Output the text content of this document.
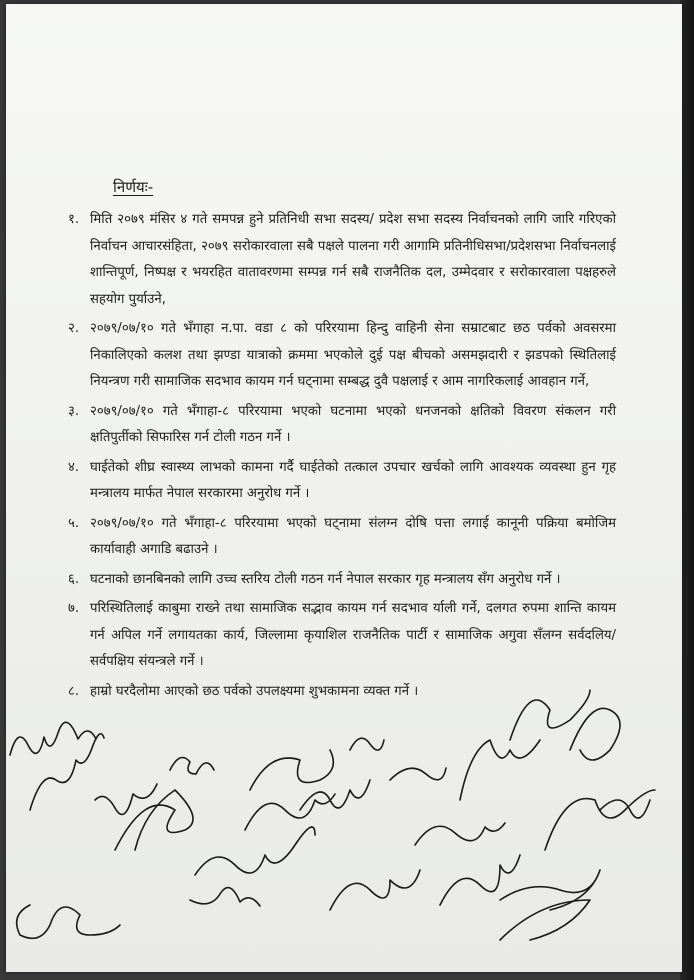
निर्णयः-
१. मिति २०७९ मंसिर ४ गते समपन्न हुने प्रतिनिधी सभा सदस्य/ प्रदेश सभा सदस्य निर्वाचनको लागि जारि गरिएको निर्वाचन आचारसंहिता, २०७९ सरोकारवाला सबै पक्षले पालना गरी आगामि प्रतिनीधिसभा/प्रदेशसभा निर्वाचनलाई शान्तिपूर्ण, निष्पक्ष र भयरहित वातावरणमा सम्पन्न गर्न सबै राजनैतिक दल, उम्मेदवार र सरोकारवाला पक्षहरुले सहयोग पुर्याउने,
२. २०७९/०७/१० गते भँगाहा न.पा. वडा ८ को परिरयामा हिन्दु वाहिनी सेना सम्राटबाट छठ पर्वको अवसरमा निकालिएको कलश तथा झण्डा यात्राको क्रममा भएकोले दुई पक्ष बीचको असमझदारी र झडपको स्थितिलाई नियन्त्रण गरी सामाजिक सदभाव कायम गर्न घट्नामा सम्बद्ध दुवै पक्षलाई र आम नागरिकलाई आवहान गर्ने,
३. २०७९/०७/१० गते भँगाहा-८ परिरयामा भएको घटनामा भएको धनजनको क्षतिको विवरण संकलन गरी क्षतिपुर्तीको सिफारिस गर्न टोली गठन गर्ने ।
४. घाईतेको शीघ्र स्वास्थ्य लाभको कामना गर्दै घाईतेको तत्काल उपचार खर्चको लागि आवश्यक व्यवस्था हुन गृह मन्त्रालय मार्फत नेपाल सरकारमा अनुरोध गर्ने ।
५. २०७९/०७/१० गते भँगाहा-८ परिरयामा भएको घट्नामा संलग्न दोषि पत्ता लगाई कानूनी पक्रिया बमोजिम कार्यावाही अगाडि बढाउने ।
६. घटनाको छानबिनको लागि उच्च स्तरिय टोली गठन गर्न नेपाल सरकार गृह मन्त्रालय सँग अनुरोध गर्ने ।
७. परिस्थितिलाई काबुमा राख्ने तथा सामाजिक सद्भाव कायम गर्न सदभाव र्याली गर्ने, दलगत रुपमा शान्ति कायम गर्न अपिल गर्ने लगायतका कार्य, जिल्लामा कृयाशिल राजनैतिक पार्टी र सामाजिक अगुवा सँलग्न सर्वदलिय/सर्वपक्षिय संयन्त्रले गर्ने ।
८. हाम्रो घरदैलोमा आएको छठ पर्वको उपलक्ष्यमा शुभकामना व्यक्त गर्ने ।
